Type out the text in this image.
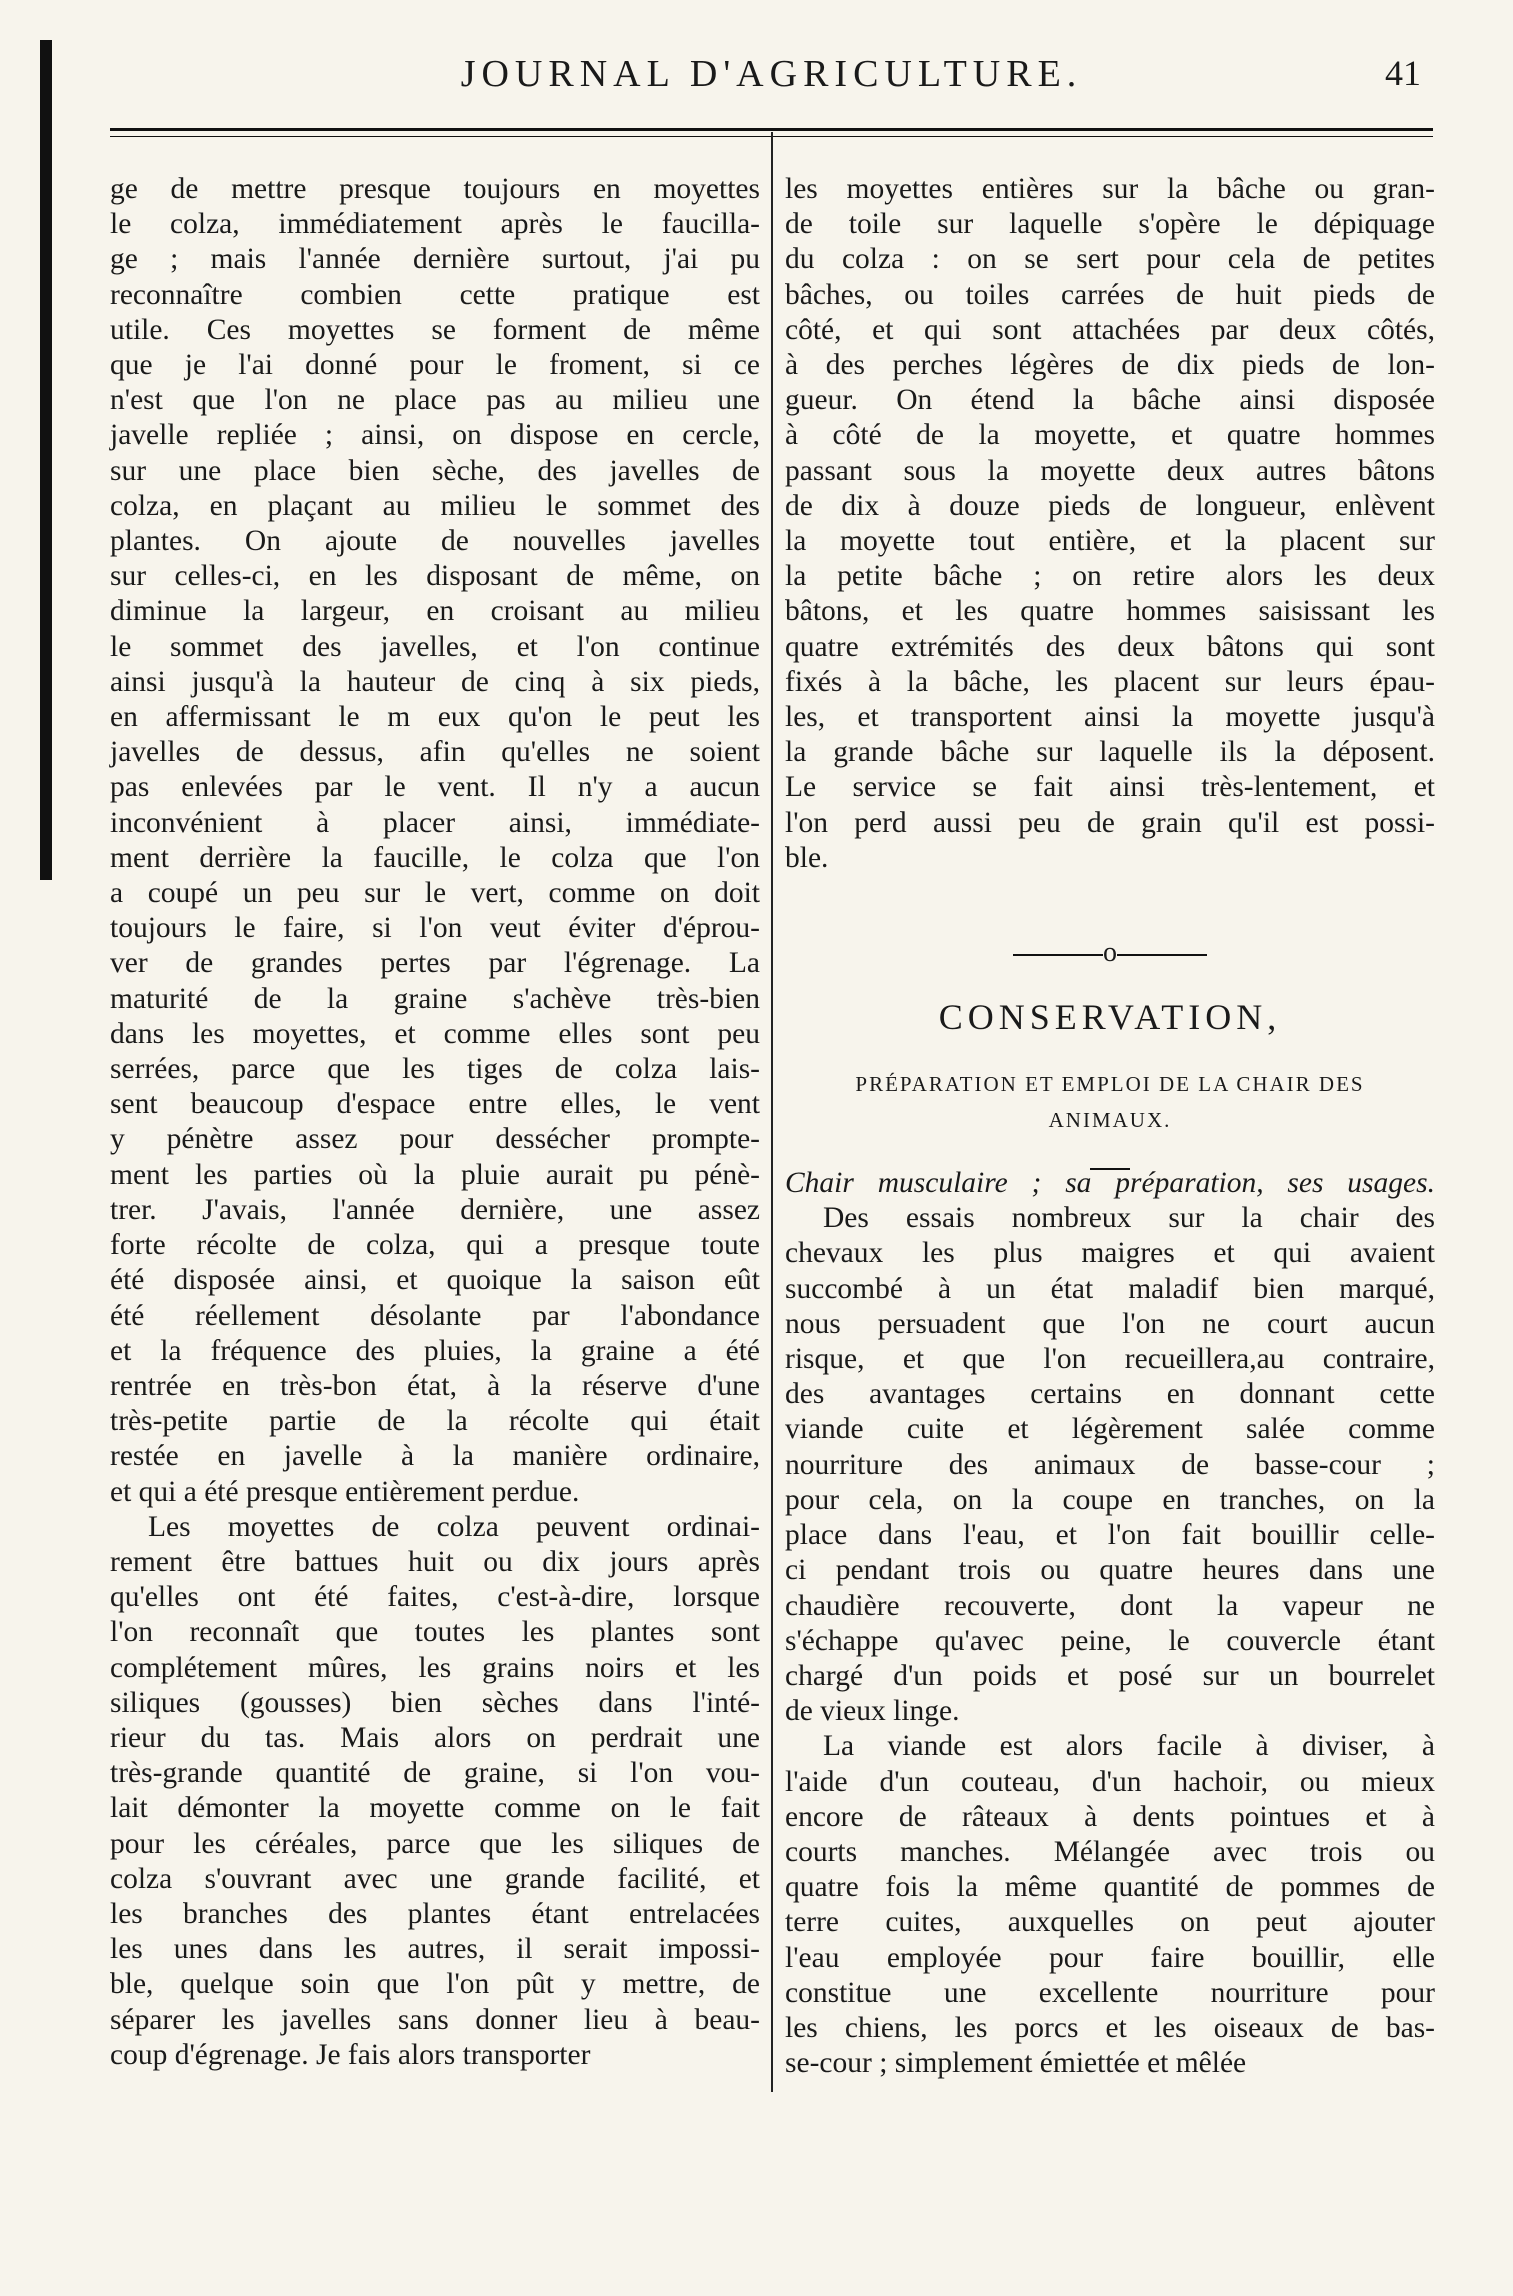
JOURNAL D'AGRICULTURE.	41
ge de mettre presque toujours en moyettes
le colza, immédiatement après le faucilla-
ge ; mais l'année dernière surtout, j'ai pu
reconnaître combien cette pratique est
utile. Ces moyettes se forment de même
que je l'ai donné pour le froment, si ce
n'est que l'on ne place pas au milieu une
javelle repliée ; ainsi, on dispose en cercle,
sur une place bien sèche, des javelles de
colza, en plaçant au milieu le sommet des
plantes. On ajoute de nouvelles javelles
sur celles-ci, en les disposant de même, on
diminue la largeur, en croisant au milieu
le sommet des javelles, et l'on continue
ainsi jusqu'à la hauteur de cinq à six pieds,
en affermissant le m eux qu'on le peut les
javelles de dessus, afin qu'elles ne soient
pas enlevées par le vent. Il n'y a aucun
inconvénient à placer ainsi, immédiate-
ment derrière la faucille, le colza que l'on
a coupé un peu sur le vert, comme on doit
toujours le faire, si l'on veut éviter d'éprou-
ver de grandes pertes par l'égrenage. La
maturité de la graine s'achève très-bien
dans les moyettes, et comme elles sont peu
serrées, parce que les tiges de colza lais-
sent beaucoup d'espace entre elles, le vent
y pénètre assez pour dessécher prompte-
ment les parties où la pluie aurait pu pénè-
trer. J'avais, l'année dernière, une assez
forte récolte de colza, qui a presque toute
été disposée ainsi, et quoique la saison eût
été réellement désolante par l'abondance
et la fréquence des pluies, la graine a été
rentrée en très-bon état, à la réserve d'une
très-petite partie de la récolte qui était
restée en javelle à la manière ordinaire,
et qui a été presque entièrement perdue.
Les moyettes de colza peuvent ordinai-
rement être battues huit ou dix jours après
qu'elles ont été faites, c'est-à-dire, lorsque
l'on reconnaît que toutes les plantes sont
complétement mûres, les grains noirs et les
siliques (gousses) bien sèches dans l'inté-
rieur du tas. Mais alors on perdrait une
très-grande quantité de graine, si l'on vou-
lait démonter la moyette comme on le fait
pour les céréales, parce que les siliques de
colza s'ouvrant avec une grande facilité, et
les branches des plantes étant entrelacées
les unes dans les autres, il serait impossi-
ble, quelque soin que l'on pût y mettre, de
séparer les javelles sans donner lieu à beau-
coup d'égrenage. Je fais alors transporter
les moyettes entières sur la bâche ou gran-
de toile sur laquelle s'opère le dépiquage
du colza : on se sert pour cela de petites
bâches, ou toiles carrées de huit pieds de
côté, et qui sont attachées par deux côtés,
à des perches légères de dix pieds de lon-
gueur. On étend la bâche ainsi disposée
à côté de la moyette, et quatre hommes
passant sous la moyette deux autres bâtons
de dix à douze pieds de longueur, enlèvent
la moyette tout entière, et la placent sur
la petite bâche ; on retire alors les deux
bâtons, et les quatre hommes saisissant les
quatre extrémités des deux bâtons qui sont
fixés à la bâche, les placent sur leurs épau-
les, et transportent ainsi la moyette jusqu'à
la grande bâche sur laquelle ils la déposent.
Le service se fait ainsi très-lentement, et
l'on perd aussi peu de grain qu'il est possi-
ble.
o
CONSERVATION,
PRÉPARATION ET EMPLOI DE LA CHAIR DES
ANIMAUX.
Chair musculaire ; sa préparation, ses usages.
Des essais nombreux sur la chair des
chevaux les plus maigres et qui avaient
succombé à un état maladif bien marqué,
nous persuadent que l'on ne court aucun
risque, et que l'on recueillera,au contraire,
des avantages certains en donnant cette
viande cuite et légèrement salée comme
nourriture des animaux de basse-cour ;
pour cela, on la coupe en tranches, on la
place dans l'eau, et l'on fait bouillir celle-
ci pendant trois ou quatre heures dans une
chaudière recouverte, dont la vapeur ne
s'échappe qu'avec peine, le couvercle étant
chargé d'un poids et posé sur un bourrelet
de vieux linge.
La viande est alors facile à diviser, à
l'aide d'un couteau, d'un hachoir, ou mieux
encore de râteaux à dents pointues et à
courts manches. Mélangée avec trois ou
quatre fois la même quantité de pommes de
terre cuites, auxquelles on peut ajouter
l'eau employée pour faire bouillir, elle
constitue une excellente nourriture pour
les chiens, les porcs et les oiseaux de bas-
se-cour ; simplement émiettée et mêlée
